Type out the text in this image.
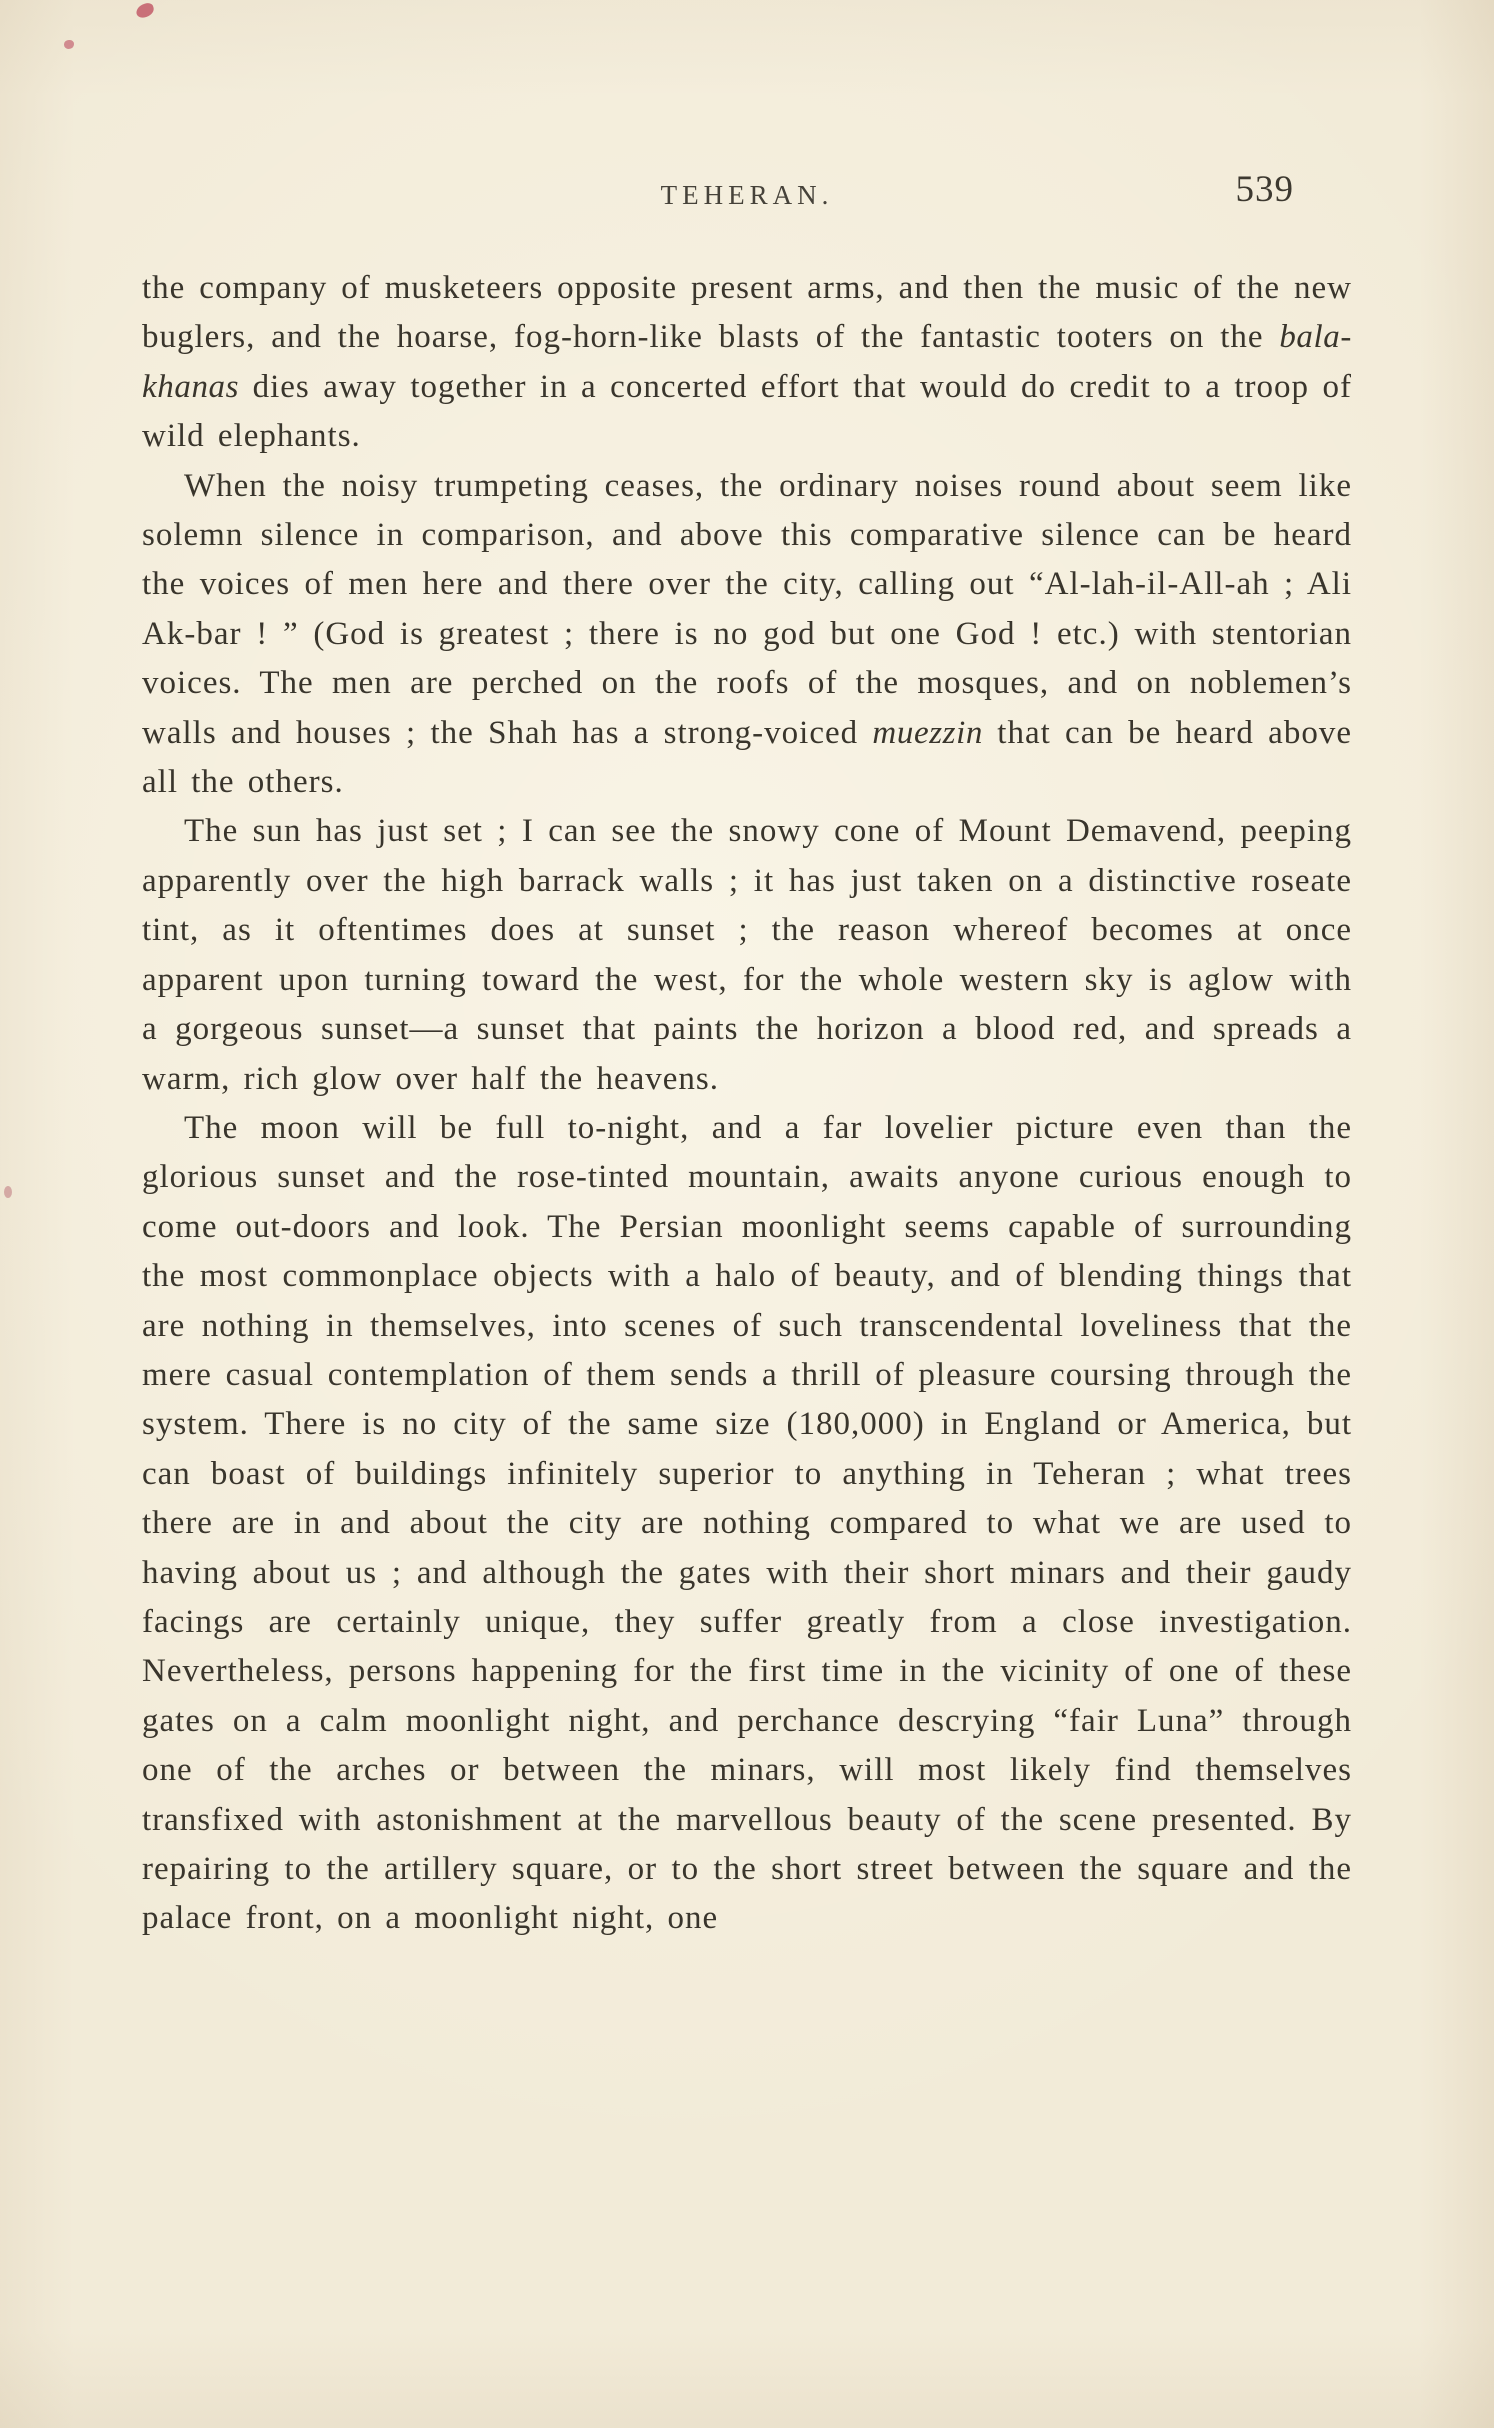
TEHERAN.	539

the company of musketeers opposite present arms, and then the music of the new buglers, and the hoarse, fog-horn-like blasts of the fantastic tooters on the bala-khanas dies away together in a concerted effort that would do credit to a troop of wild elephants.

When the noisy trumpeting ceases, the ordinary noises round about seem like solemn silence in comparison, and above this comparative silence can be heard the voices of men here and there over the city, calling out “Al-lah-il-All-ah ; Ali Ak-bar ! ” (God is greatest ; there is no god but one God ! etc.) with stentorian voices. The men are perched on the roofs of the mosques, and on noblemen’s walls and houses ; the Shah has a strong-voiced muezzin that can be heard above all the others.

The sun has just set ; I can see the snowy cone of Mount Demavend, peeping apparently over the high barrack walls ; it has just taken on a distinctive roseate tint, as it oftentimes does at sunset ; the reason whereof becomes at once apparent upon turning toward the west, for the whole western sky is aglow with a gorgeous sunset—a sunset that paints the horizon a blood red, and spreads a warm, rich glow over half the heavens.

The moon will be full to-night, and a far lovelier picture even than the glorious sunset and the rose-tinted mountain, awaits anyone curious enough to come out-doors and look. The Persian moonlight seems capable of surrounding the most commonplace objects with a halo of beauty, and of blending things that are nothing in themselves, into scenes of such transcendental loveliness that the mere casual contemplation of them sends a thrill of pleasure coursing through the system. There is no city of the same size (180,000) in England or America, but can boast of buildings infinitely superior to anything in Teheran ; what trees there are in and about the city are nothing compared to what we are used to having about us ; and although the gates with their short minars and their gaudy facings are certainly unique, they suffer greatly from a close investigation. Nevertheless, persons happening for the first time in the vicinity of one of these gates on a calm moonlight night, and perchance descrying “fair Luna” through one of the arches or between the minars, will most likely find themselves transfixed with astonishment at the marvellous beauty of the scene presented. By repairing to the artillery square, or to the short street between the square and the palace front, on a moonlight night, one
